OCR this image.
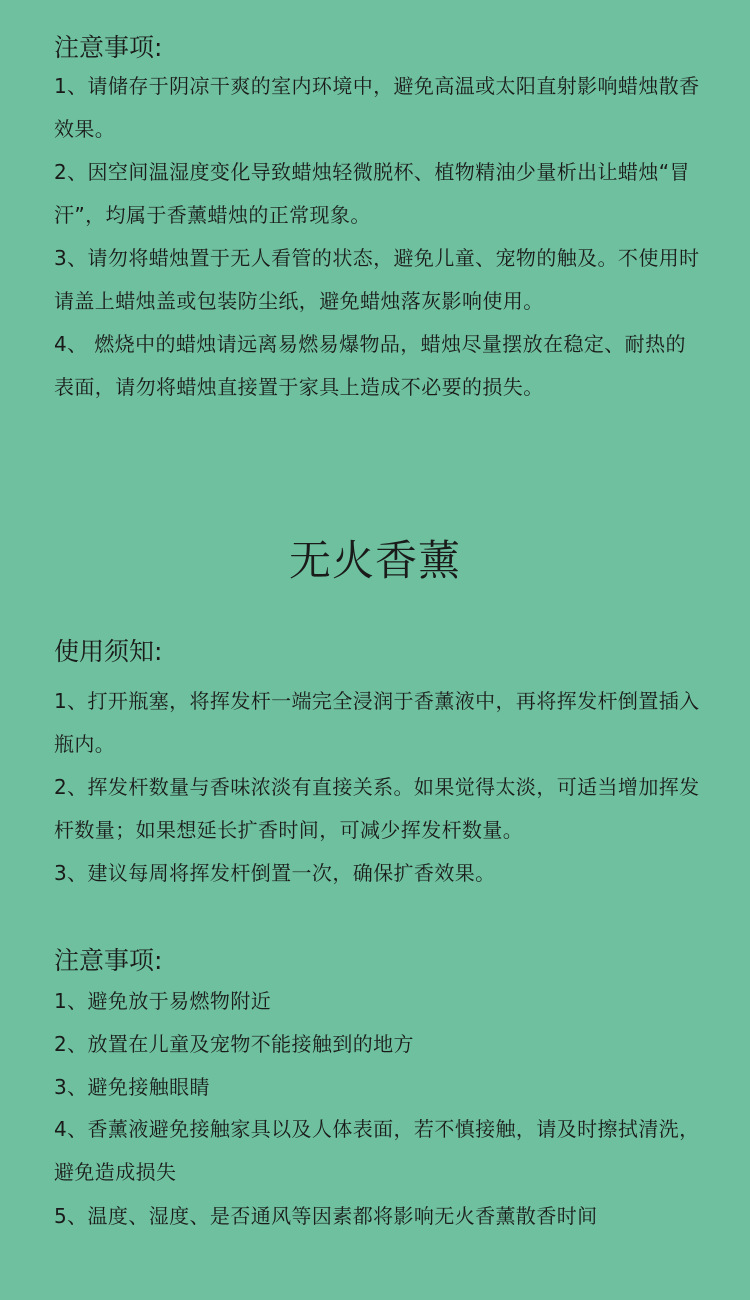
注意事项:

1、请储存于阴凉干爽的室内环境中，避免高温或太阳直射影响蜡烛散香效果。

2、因空间温湿度变化导致蜡烛轻微脱杯、植物精油少量析出让蜡烛“冒汗”，均属于香薰蜡烛的正常现象。

3、请勿将蜡烛置于无人看管的状态，避免儿童、宠物的触及。不使用时请盖上蜡烛盖或包装防尘纸，避免蜡烛落灰影响使用。

4、 燃烧中的蜡烛请远离易燃易爆物品，蜡烛尽量摆放在稳定、耐热的表面，请勿将蜡烛直接置于家具上造成不必要的损失。

无火香薰
使用须知:

1、打开瓶塞，将挥发杆一端完全浸润于香薰液中，再将挥发杆倒置插入瓶内。

2、挥发杆数量与香味浓淡有直接关系。如果觉得太淡，可适当增加挥发杆数量；如果想延长扩香时间，可减少挥发杆数量。

3、建议每周将挥发杆倒置一次，确保扩香效果。

注意事项:

1、避免放于易燃物附近

2、放置在儿童及宠物不能接触到的地方

3、避免接触眼睛

4、香薰液避免接触家具以及人体表面，若不慎接触，请及时擦拭清洗，避免造成损失

5、温度、湿度、是否通风等因素都将影响无火香薰散香时间
